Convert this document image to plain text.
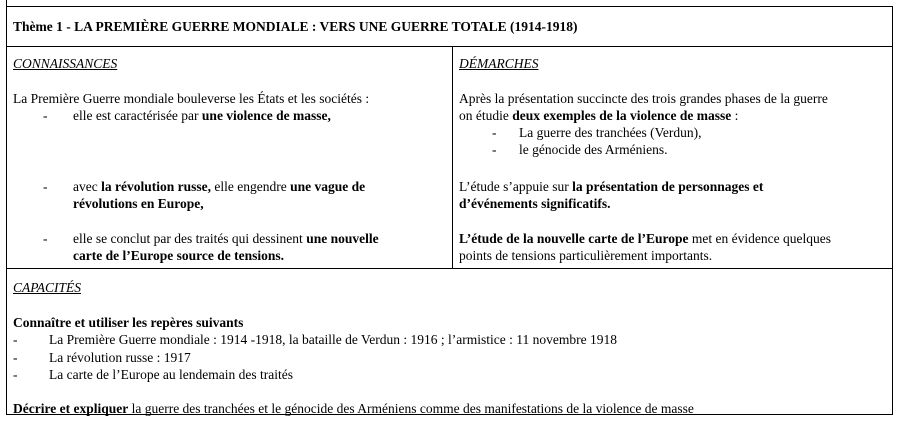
Thème 1 - LA PREMIÈRE GUERRE MONDIALE : VERS UNE GUERRE TOTALE (1914-1918)
CONNAISSANCES
La Première Guerre mondiale bouleverse les États et les sociétés :
- elle est caractérisée par une violence de masse,
- avec la révolution russe, elle engendre une vague de
révolutions en Europe,
- elle se conclut par des traités qui dessinent une nouvelle
carte de l’Europe source de tensions.
DÉMARCHES
Après la présentation succincte des trois grandes phases de la guerre
on étudie deux exemples de la violence de masse :
- La guerre des tranchées (Verdun),
- le génocide des Arméniens.
L’étude s’appuie sur la présentation de personnages et
d’événements significatifs.
L’étude de la nouvelle carte de l’Europe met en évidence quelques
points de tensions particulièrement importants.
CAPACITÉS
Connaître et utiliser les repères suivants
- La Première Guerre mondiale : 1914 -1918, la bataille de Verdun : 1916 ; l’armistice : 11 novembre 1918
- La révolution russe : 1917
- La carte de l’Europe au lendemain des traités
Décrire et expliquer la guerre des tranchées et le génocide des Arméniens comme des manifestations de la violence de masse
